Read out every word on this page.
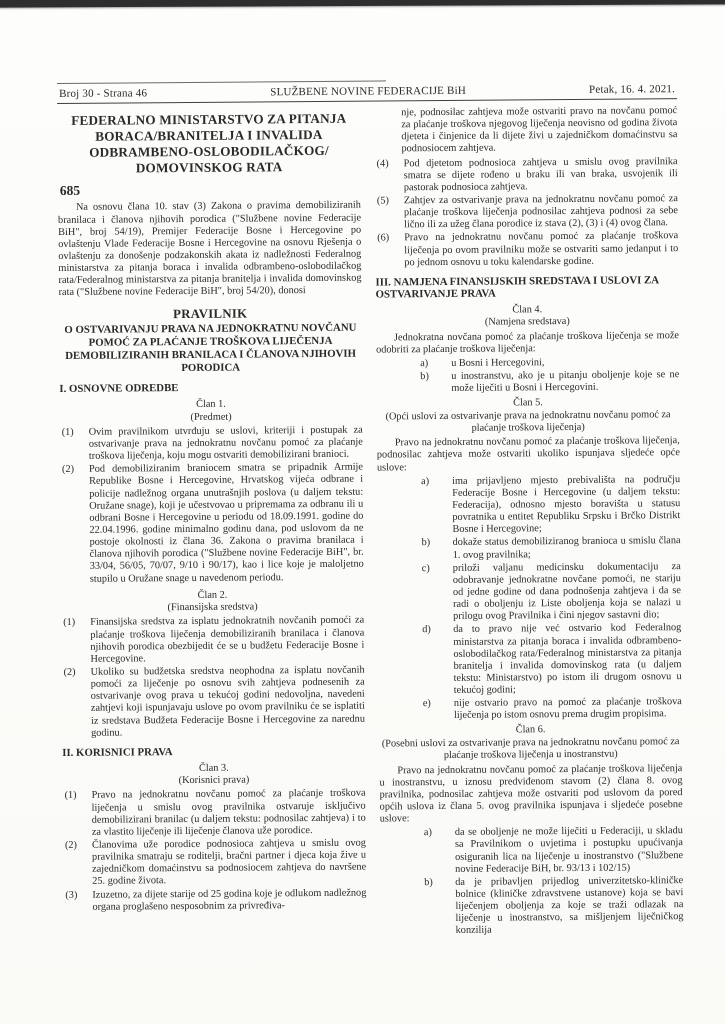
Broj 30 - Strana 46	SLUŽBENE NOVINE FEDERACIJE BiH	Petak, 16. 4. 2021.
FEDERALNO MINISTARSTVO ZA PITANJA BORACA/BRANITELJA I INVALIDA ODBRAMBENO-OSLOBODILAČKOG/ DOMOVINSKOG RATA
685

Na osnovu člana 10. stav (3) Zakona o pravima demobiliziranih branilaca i članova njihovih porodica ("Službene novine Federacije BiH", broj 54/19), Premijer Federacije Bosne i Hercegovine po ovlaštenju Vlade Federacije Bosne i Hercegovine na osnovu Rješenja o ovlaštenju za donošenje podzakonskih akata iz nadležnosti Federalnog ministarstva za pitanja boraca i invalida odbrambeno-oslobodilačkog rata/Federalnog ministarstva za pitanja branitelja i invalida domovinskog rata ("Službene novine Federacije BiH", broj 54/20), donosi

PRAVILNIK
O OSTVARIVANJU PRAVA NA JEDNOKRATNU NOVČANU POMOĆ ZA PLAĆANJE TROŠKOVA LIJEČENJA DEMOBILIZIRANIH BRANILACA I ČLANOVA NJIHOVIH PORODICA
I. OSNOVNE ODREDBE
Član 1.
(Predmet)
(1)	Ovim pravilnikom utvrđuju se uslovi, kriteriji i postupak za ostvarivanje prava na jednokratnu novčanu pomoć za plaćanje troškova liječenja, koju mogu ostvariti demobilizirani branioci.
(2)	Pod demobiliziranim braniocem smatra se pripadnik Armije Republike Bosne i Hercegovine, Hrvatskog vijeća odbrane i policije nadležnog organa unutrašnjih poslova (u daljem tekstu: Oružane snage), koji je učestvovao u pripremama za odbranu ili u odbrani Bosne i Hercegovine u periodu od 18.09.1991. godine do 22.04.1996. godine minimalno godinu dana, pod uslovom da ne postoje okolnosti iz člana 36. Zakona o pravima branilaca i članova njihovih porodica ("Službene novine Federacije BiH", br. 33/04, 56/05, 70/07, 9/10 i 90/17), kao i lice koje je maloljetno stupilo u Oružane snage u navedenom periodu.
Član 2.
(Finansijska sredstva)
(1)	Finansijska sredstva za isplatu jednokratnih novčanih pomoći za plaćanje troškova liječenja demobiliziranih branilaca i članova njihovih porodica obezbijedit će se u budžetu Federacije Bosne i Hercegovine.
(2)	Ukoliko su budžetska sredstva neophodna za isplatu novčanih pomoći za liječenje po osnovu svih zahtjeva podnesenih za ostvarivanje ovog prava u tekućoj godini nedovoljna, navedeni zahtjevi koji ispunjavaju uslove po ovom pravilniku će se isplatiti iz sredstava Budžeta Federacije Bosne i Hercegovine za narednu godinu.
II. KORISNICI PRAVA
Član 3.
(Korisnici prava)
(1)	Pravo na jednokratnu novčanu pomoć za plaćanje troškova liječenja u smislu ovog pravilnika ostvaruje isključivo demobilizirani branilac (u daljem tekstu: podnosilac zahtjeva) i to za vlastito liječenje ili liječenje članova uže porodice.
(2)	Članovima uže porodice podnosioca zahtjeva u smislu ovog pravilnika smatraju se roditelji, bračni partner i djeca koja žive u zajedničkom domaćinstvu sa podnosiocem zahtjeva do navršene 25. godine života.
(3)	Izuzetno, za dijete starije od 25 godina koje je odlukom nadležnog organa proglašeno nesposobnim za privređiva-

nje, podnosilac zahtjeva može ostvariti pravo na novčanu pomoć za plaćanje troškova njegovog liječenja neovisno od godina života djeteta i činjenice da li dijete živi u zajedničkom domaćinstvu sa podnosiocem zahtjeva.

(4)	Pod djetetom podnosioca zahtjeva u smislu ovog pravilnika smatra se dijete rođeno u braku ili van braka, usvojenik ili pastorak podnosioca zahtjeva.
(5)	Zahtjev za ostvarivanje prava na jednokratnu novčanu pomoć za plaćanje troškova liječenja podnosilac zahtjeva podnosi za sebe lično ili za užeg člana porodice iz stava (2), (3) i (4) ovog člana.
(6)	Pravo na jednokratnu novčanu pomoć za plaćanje troškova liječenja po ovom pravilniku može se ostvariti samo jedanput i to po jednom osnovu u toku kalendarske godine.
III. NAMJENA FINANSIJSKIH SREDSTAVA I USLOVI ZA OSTVARIVANJE PRAVA
Član 4.
(Namjena sredstava)

Jednokratna novčana pomoć za plaćanje troškova liječenja se može odobriti za plaćanje troškova liječenja:

a)	u Bosni i Hercegovini,
b)	u inostranstvu, ako je u pitanju oboljenje koje se ne može liječiti u Bosni i Hercegovini.
Član 5.
(Opći uslovi za ostvarivanje prava na jednokratnu novčanu pomoć za plaćanje troškova liječenja)

Pravo na jednokratnu novčanu pomoć za plaćanje troškova liječenja, podnosilac zahtjeva može ostvariti ukoliko ispunjava sljedeće opće uslove:

a)	ima prijavljeno mjesto prebivališta na području Federacije Bosne i Hercegovine (u daljem tekstu: Federacija), odnosno mjesto boravišta u statusu povratnika u entitet Republiku Srpsku i Brčko Distrikt Bosne i Hercegovine;
b)	dokaže status demobiliziranog branioca u smislu člana 1. ovog pravilnika;
c)	priloži valjanu medicinsku dokumentaciju za odobravanje jednokratne novčane pomoći, ne stariju od jedne godine od dana podnošenja zahtjeva i da se radi o oboljenju iz Liste oboljenja koja se nalazi u prilogu ovog Pravilnika i čini njegov sastavni dio;
d)	da to pravo nije već ostvario kod Federalnog ministarstva za pitanja boraca i invalida odbrambeno-oslobodilačkog rata/Federalnog ministarstva za pitanja branitelja i invalida domovinskog rata (u daljem tekstu: Ministarstvo) po istom ili drugom osnovu u tekućoj godini;
e)	nije ostvario pravo na pomoć za plaćanje troškova liječenja po istom osnovu prema drugim propisima.
Član 6.
(Posebni uslovi za ostvarivanje prava na jednokratnu novčanu pomoć za plaćanje troškova liječenja u inostranstvu)

Pravo na jednokratnu novčanu pomoć za plaćanje troškova liječenja u inostranstvu, u iznosu predviđenom stavom (2) člana 8. ovog pravilnika, podnosilac zahtjeva može ostvariti pod uslovom da pored općih uslova iz člana 5. ovog pravilnika ispunjava i sljedeće posebne uslove:

a)	da se oboljenje ne može liječiti u Federaciji, u skladu sa Pravilnikom o uvjetima i postupku upućivanja osiguranih lica na liječenje u inostranstvo ("Službene novine Federacije BiH, br. 93/13 i 102/15)
b)	da je pribavljen prijedlog univerzitetsko-kliničke bolnice (kliničke zdravstvene ustanove) koja se bavi liječenjem oboljenja za koje se traži odlazak na liječenje u inostranstvo, sa mišljenjem liječničkog konzilija
